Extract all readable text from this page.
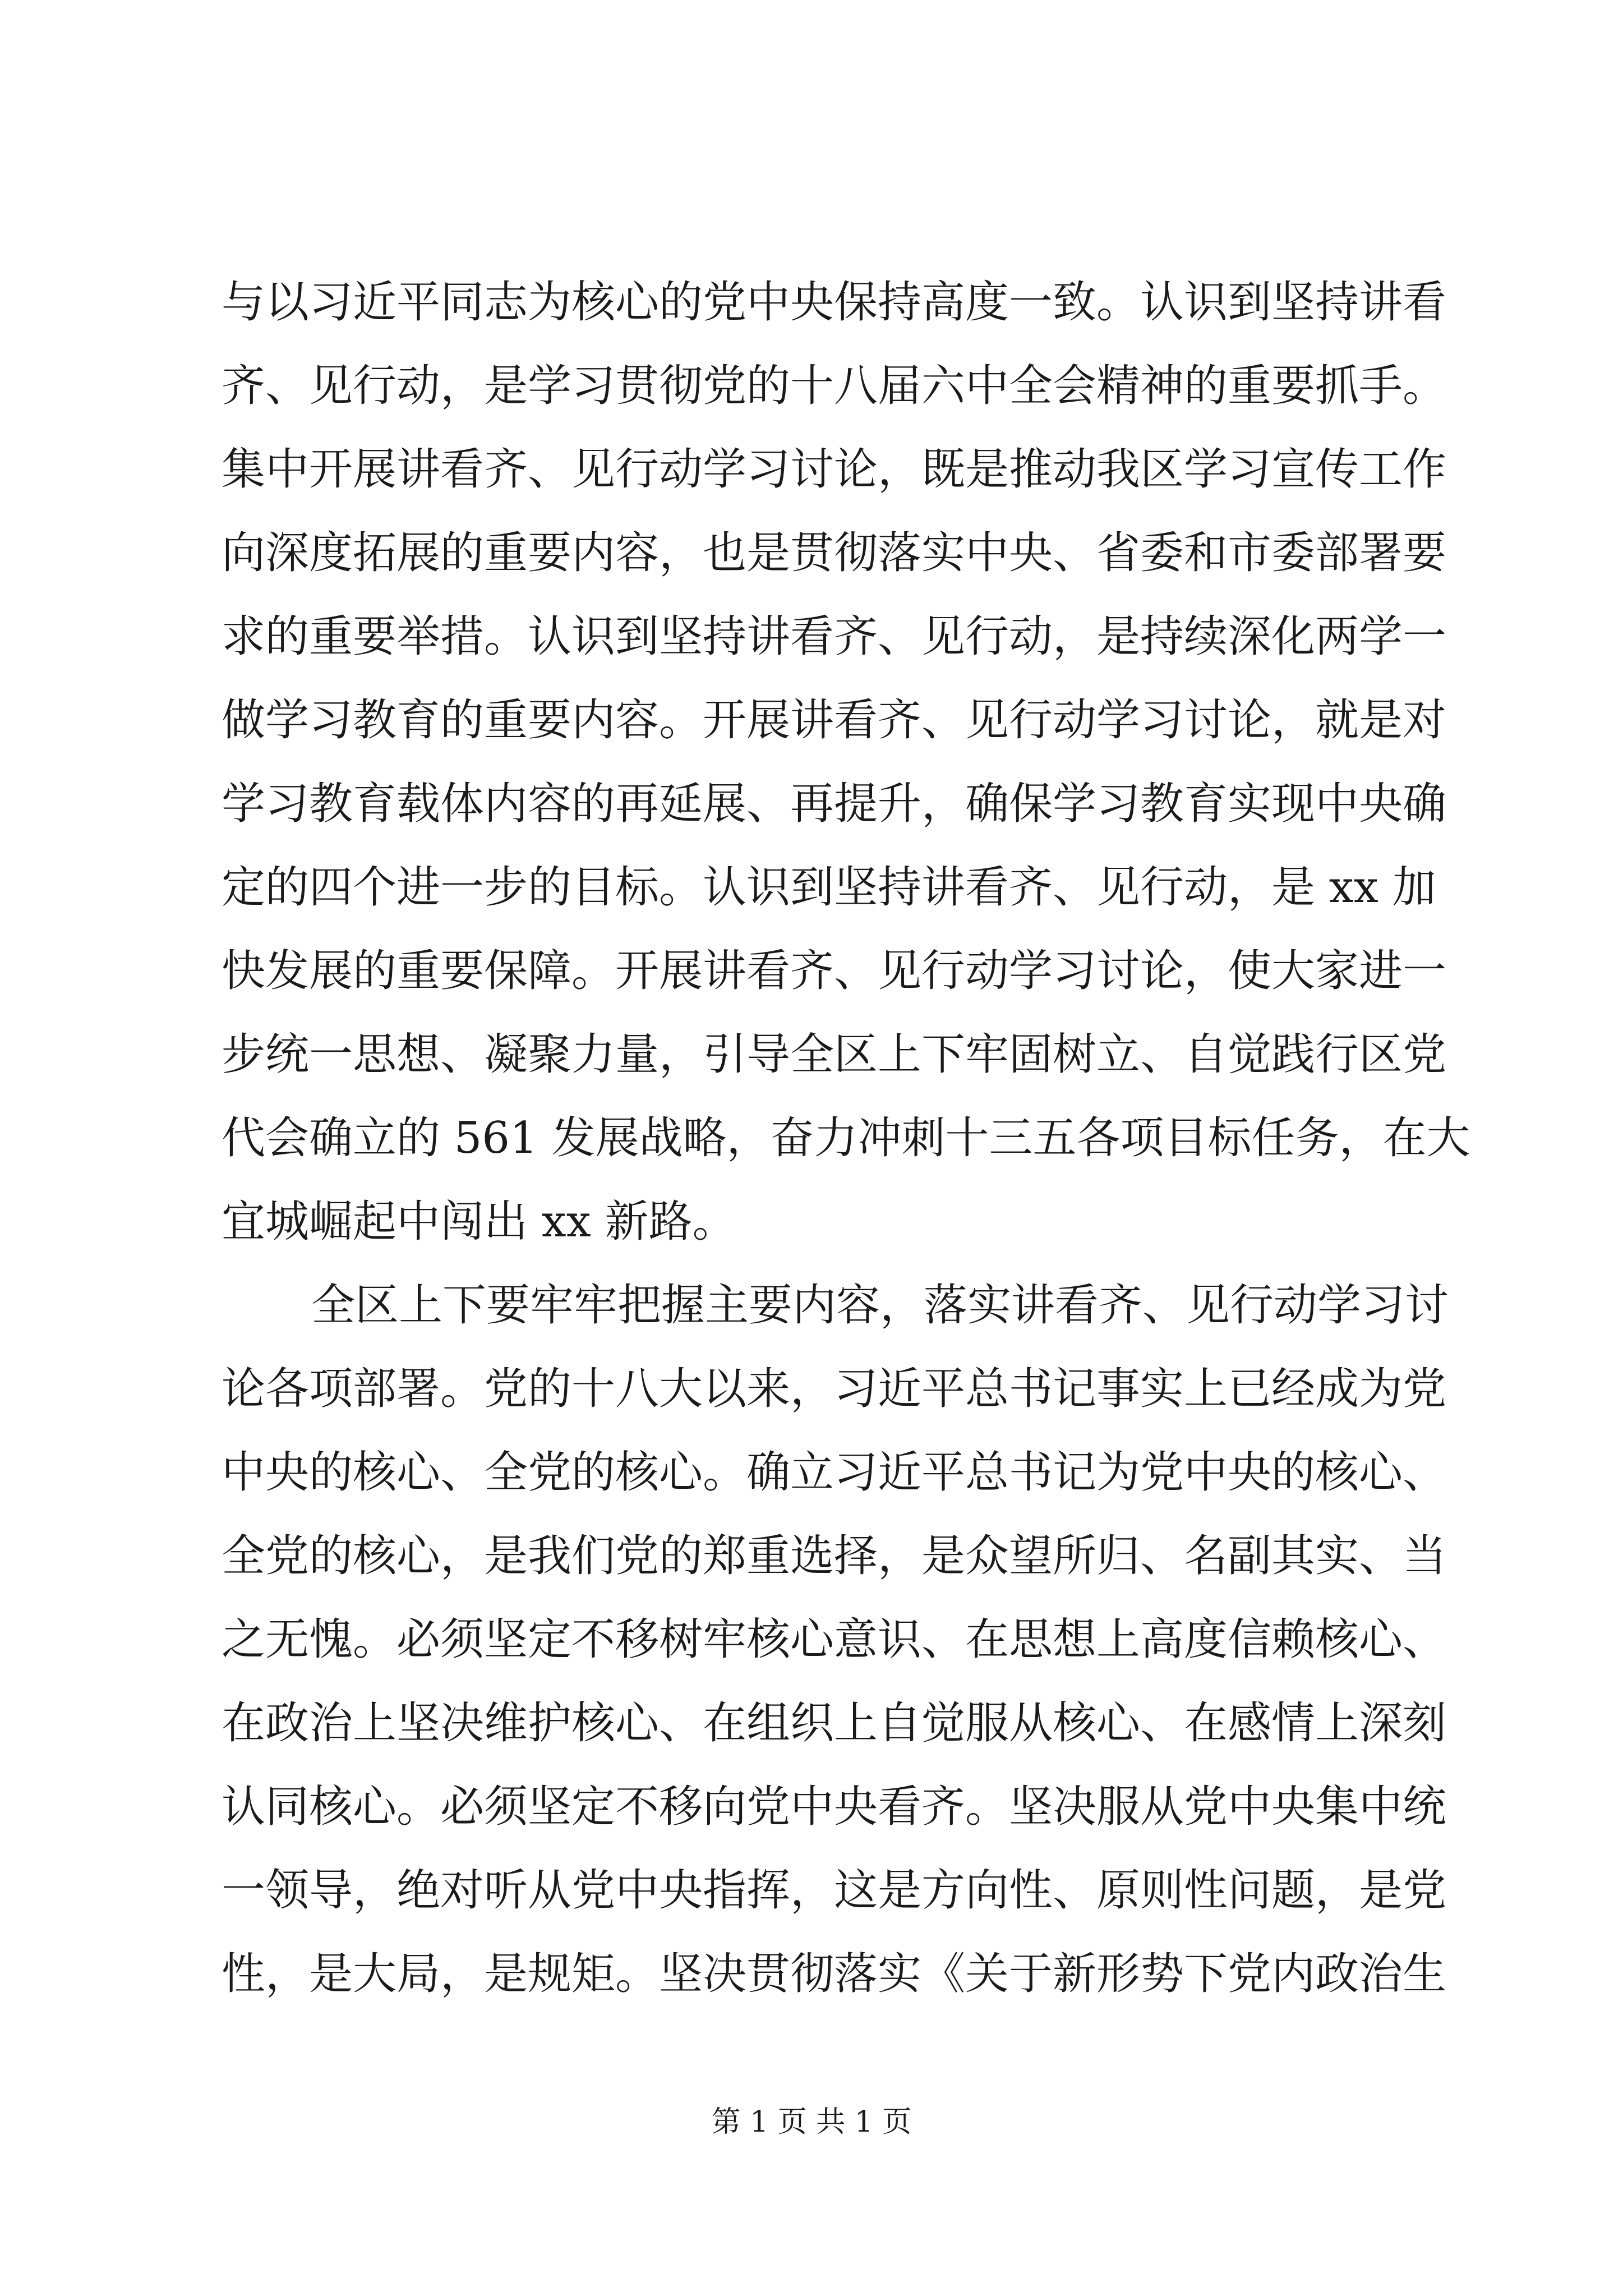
与以习近平同志为核心的党中央保持高度一致。认识到坚持讲看
齐、见行动，是学习贯彻党的十八届六中全会精神的重要抓手。
集中开展讲看齐、见行动学习讨论，既是推动我区学习宣传工作
向深度拓展的重要内容，也是贯彻落实中央、省委和市委部署要
求的重要举措。认识到坚持讲看齐、见行动，是持续深化两学一
做学习教育的重要内容。开展讲看齐、见行动学习讨论，就是对
学习教育载体内容的再延展、再提升，确保学习教育实现中央确
定的四个进一步的目标。认识到坚持讲看齐、见行动，是 xx 加
快发展的重要保障。开展讲看齐、见行动学习讨论，使大家进一
步统一思想、凝聚力量，引导全区上下牢固树立、自觉践行区党
代会确立的 561 发展战略，奋力冲刺十三五各项目标任务，在大
宜城崛起中闯出 xx 新路。
全区上下要牢牢把握主要内容，落实讲看齐、见行动学习讨
论各项部署。党的十八大以来，习近平总书记事实上已经成为党
中央的核心、全党的核心。确立习近平总书记为党中央的核心、
全党的核心，是我们党的郑重选择，是众望所归、名副其实、当
之无愧。必须坚定不移树牢核心意识、在思想上高度信赖核心、
在政治上坚决维护核心、在组织上自觉服从核心、在感情上深刻
认同核心。必须坚定不移向党中央看齐。坚决服从党中央集中统
一领导，绝对听从党中央指挥，这是方向性、原则性问题，是党
性，是大局，是规矩。坚决贯彻落实《关于新形势下党内政治生
第 1 页 共 1 页
